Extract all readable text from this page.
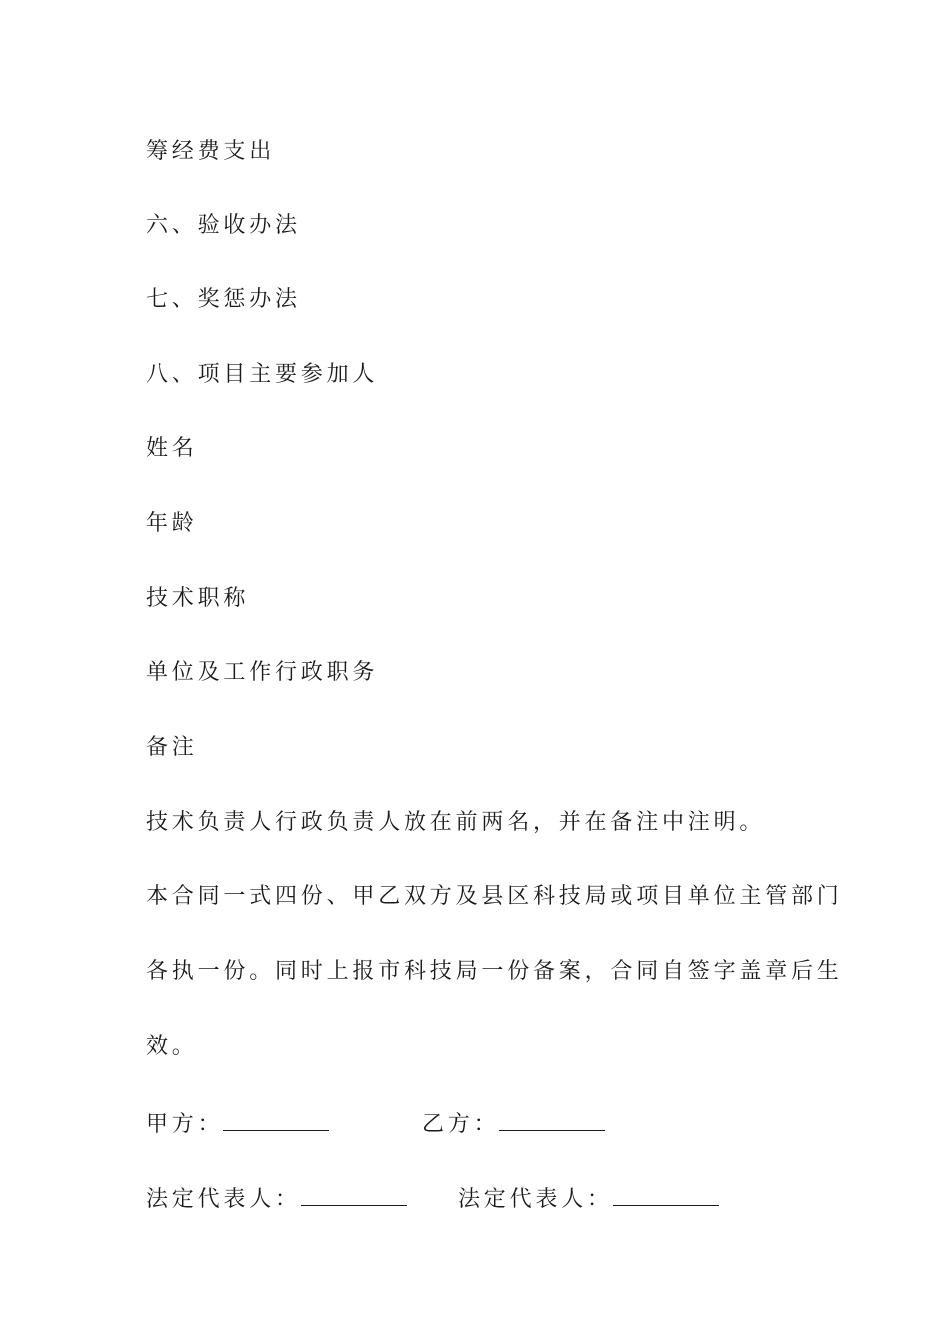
筹经费支出
六、验收办法
七、奖惩办法
八、项目主要参加人
姓名
年龄
技术职称
单位及工作行政职务
备注
技术负责人行政负责人放在前两名，并在备注中注明。
本合同一式四份、甲乙双方及县区科技局或项目单位主管部门
各执一份。同时上报市科技局一份备案，合同自签字盖章后生
效。
甲方：	乙方：
法定代表人：	法定代表人：
